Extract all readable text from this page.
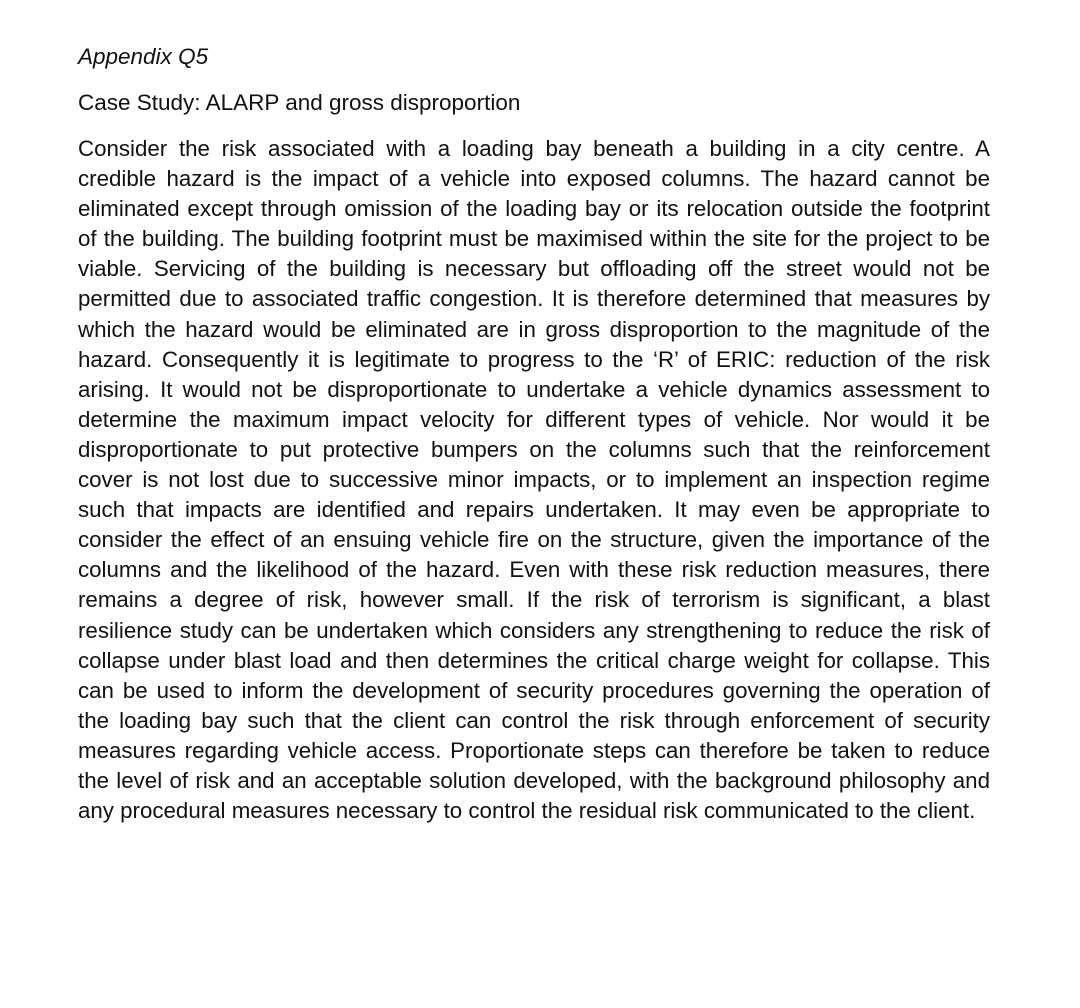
Appendix Q5

Case Study: ALARP and gross disproportion

Consider the risk associated with a loading bay beneath a building in a city centre. A credible hazard is the impact of a vehicle into exposed columns. The hazard cannot be eliminated except through omission of the loading bay or its relocation outside the footprint of the building. The building footprint must be maximised within the site for the project to be viable. Servicing of the building is necessary but offloading off the street would not be permitted due to associated traffic congestion. It is therefore determined that measures by which the hazard would be eliminated are in gross disproportion to the magnitude of the hazard. Consequently it is legitimate to progress to the ‘R’ of ERIC: reduction of the risk arising. It would not be disproportionate to undertake a vehicle dynamics assessment to determine the maximum impact velocity for different types of vehicle. Nor would it be disproportionate to put protective bumpers on the columns such that the reinforcement cover is not lost due to successive minor impacts, or to implement an inspection regime such that impacts are identified and repairs undertaken. It may even be appropriate to consider the effect of an ensuing vehicle fire on the structure, given the importance of the columns and the likelihood of the hazard. Even with these risk reduction measures, there remains a degree of risk, however small. If the risk of terrorism is significant, a blast resilience study can be undertaken which considers any strengthening to reduce the risk of collapse under blast load and then determines the critical charge weight for collapse. This can be used to inform the development of security procedures governing the operation of the loading bay such that the client can control the risk through enforcement of security measures regarding vehicle access. Proportionate steps can therefore be taken to reduce the level of risk and an acceptable solution developed, with the background philosophy and any procedural measures necessary to control the residual risk communicated to the client.
